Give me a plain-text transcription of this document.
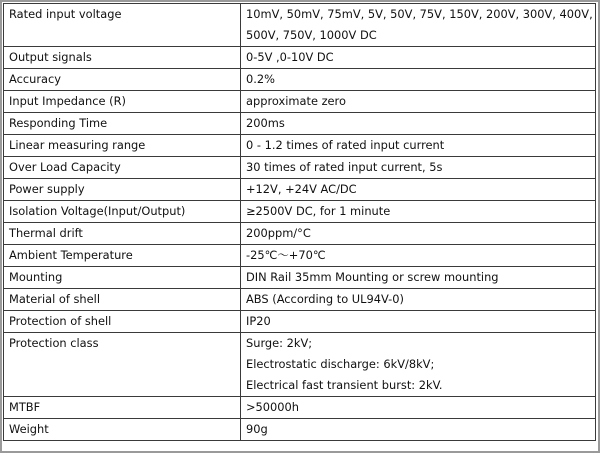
Rated input voltage	10mV, 50mV, 75mV, 5V, 50V, 75V, 150V, 200V, 300V, 400V,
500V, 750V, 1000V DC

Output signals	0-5V ,0-10V DC

Accuracy	0.2%

Input Impedance (R)	approximate zero

Responding Time	200ms

Linear measuring range	0 - 1.2 times of rated input current

Over Load Capacity	30 times of rated input current, 5s

Power supply	+12V, +24V AC/DC

Isolation Voltage(Input/Output)	≥2500V DC, for 1 minute

Thermal drift	200ppm/°C

Ambient Temperature	-25℃～+70℃

Mounting	DIN Rail 35mm Mounting or screw mounting

Material of shell	ABS (According to UL94V-0)

Protection of shell	IP20

Protection class	Surge: 2kV;
Electrostatic discharge: 6kV/8kV;
Electrical fast transient burst: 2kV.

MTBF	>50000h

Weight	90g
